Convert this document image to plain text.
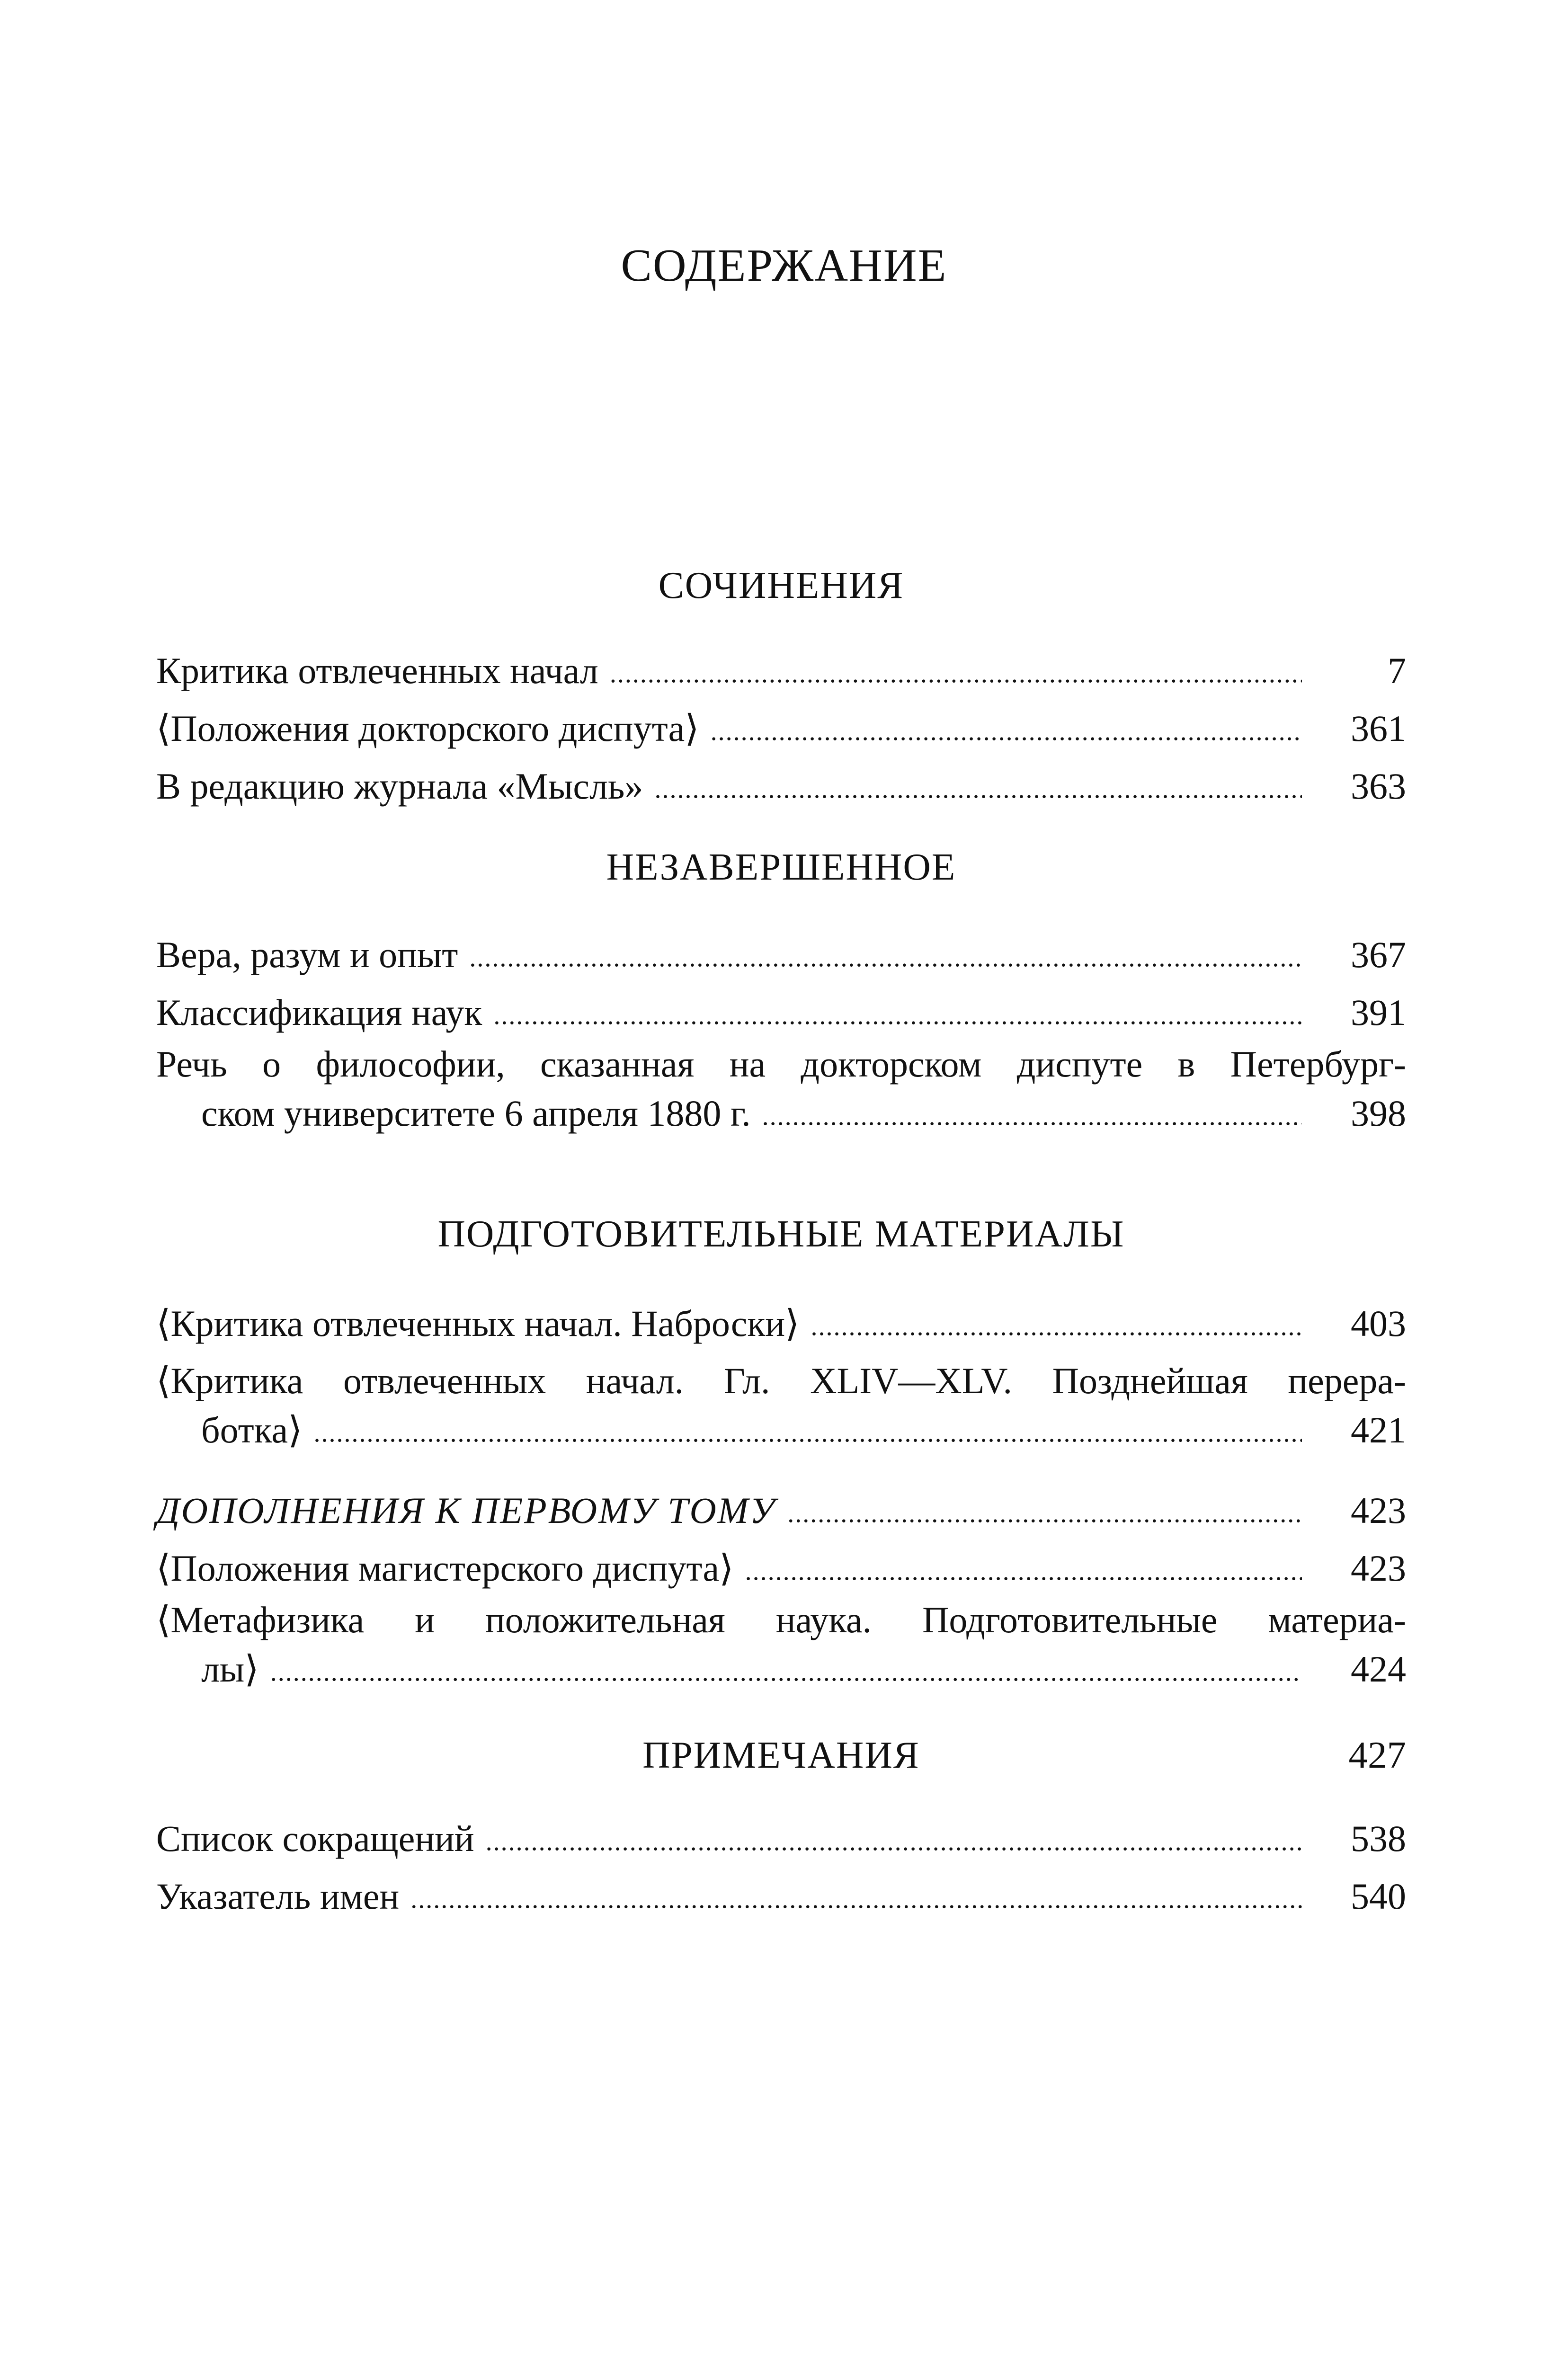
СОДЕРЖАНИЕ
СОЧИНЕНИЯ
Критика отвлеченных начал . . .	7
⟨Положения докторского диспута⟩ . . .	361
В редакцию журнала «Мысль» . . .	363
НЕЗАВЕРШЕННОЕ
Вера, разум и опыт . . .	367
Классификация наук . . .	391
Речь о философии, сказанная на докторском диспуте в Петербург-
ском университете 6 апреля 1880 г. . . .	398
ПОДГОТОВИТЕЛЬНЫЕ МАТЕРИАЛЫ
⟨Критика отвлеченных начал. Наброски⟩ . . .	403
⟨Критика отвлеченных начал. Гл. XLIV—XLV. Позднейшая перера-
ботка⟩ . . .	421
ДОПОЛНЕНИЯ К ПЕРВОМУ ТОМУ . . .	423
⟨Положения магистерского диспута⟩ . . .	423
⟨Метафизика и положительная наука. Подготовительные материа-
лы⟩ . . .	424
ПРИМЕЧАНИЯ	427
Список сокращений . . .	538
Указатель имен . . .	540
